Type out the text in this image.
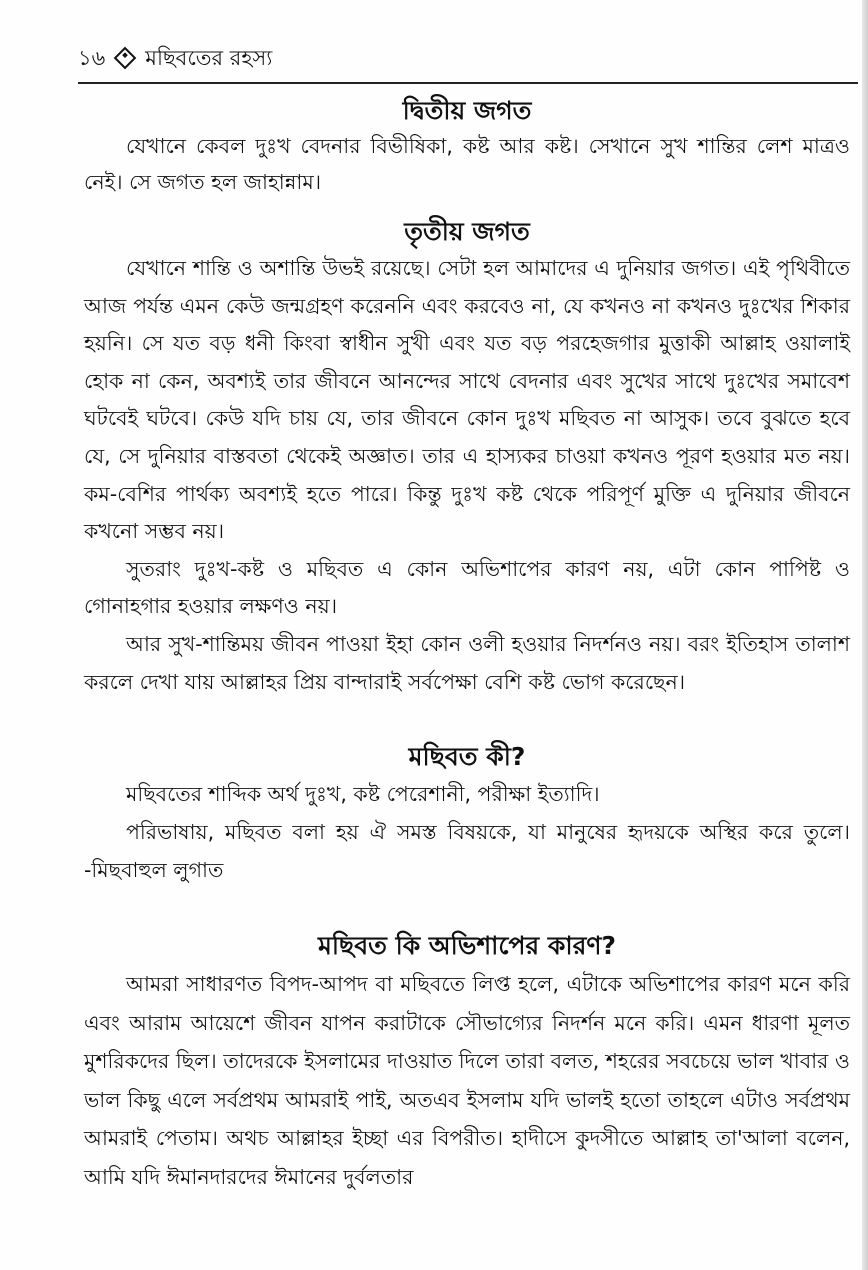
১৬ মছিবতের রহস্য
দ্বিতীয় জগত

যেখানে কেবল দুঃখ বেদনার বিভীষিকা, কষ্ট আর কষ্ট। সেখানে সুখ শান্তির লেশ মাত্রও নেই। সে জগত হল জাহান্নাম।

তৃতীয় জগত

যেখানে শান্তি ও অশান্তি উভই রয়েছে। সেটা হল আমাদের এ দুনিয়ার জগত। এই পৃথিবীতে আজ পর্যন্ত এমন কেউ জন্মগ্রহণ করেননি এবং করবেও না, যে কখনও না কখনও দুঃখের শিকার হয়নি। সে যত বড় ধনী কিংবা স্বাধীন সুখী এবং যত বড় পরহেজগার মুত্তাকী আল্লাহ ওয়ালাই হোক না কেন, অবশ্যই তার জীবনে আনন্দের সাথে বেদনার এবং সুখের সাথে দুঃখের সমাবেশ ঘটবেই ঘটবে। কেউ যদি চায় যে, তার জীবনে কোন দুঃখ মছিবত না আসুক। তবে বুঝতে হবে যে, সে দুনিয়ার বাস্তবতা থেকেই অজ্ঞাত। তার এ হাস্যকর চাওয়া কখনও পূরণ হওয়ার মত নয়। কম-বেশির পার্থক্য অবশ্যই হতে পারে। কিন্তু দুঃখ কষ্ট থেকে পরিপূর্ণ মুক্তি এ দুনিয়ার জীবনে কখনো সম্ভব নয়।

সুতরাং দুঃখ-কষ্ট ও মছিবত এ কোন অভিশাপের কারণ নয়, এটা কোন পাপিষ্ট ও গোনাহগার হওয়ার লক্ষণও নয়।

আর সুখ-শান্তিময় জীবন পাওয়া ইহা কোন ওলী হওয়ার নিদর্শনও নয়। বরং ইতিহাস তালাশ করলে দেখা যায় আল্লাহর প্রিয় বান্দারাই সর্বপেক্ষা বেশি কষ্ট ভোগ করেছেন।

মছিবত কী?

মছিবতের শাব্দিক অর্থ দুঃখ, কষ্ট পেরেশানী, পরীক্ষা ইত্যাদি।

পরিভাষায়, মছিবত বলা হয় ঐ সমস্ত বিষয়কে, যা মানুষের হৃদয়কে অস্থির করে তুলে। -মিছবাহুল লুগাত

মছিবত কি অভিশাপের কারণ?

আমরা সাধারণত বিপদ-আপদ বা মছিবতে লিপ্ত হলে, এটাকে অভিশাপের কারণ মনে করি এবং আরাম আয়েশে জীবন যাপন করাটাকে সৌভাগ্যের নিদর্শন মনে করি। এমন ধারণা মূলত মুশরিকদের ছিল। তাদেরকে ইসলামের দাওয়াত দিলে তারা বলত, শহরের সবচেয়ে ভাল খাবার ও ভাল কিছু এলে সর্বপ্রথম আমরাই পাই, অতএব ইসলাম যদি ভালই হতো তাহলে এটাও সর্বপ্রথম আমরাই পেতাম। অথচ আল্লাহর ইচ্ছা এর বিপরীত। হাদীসে কুদসীতে আল্লাহ তা'আলা বলেন, আমি যদি ঈমানদারদের ঈমানের দুর্বলতার
